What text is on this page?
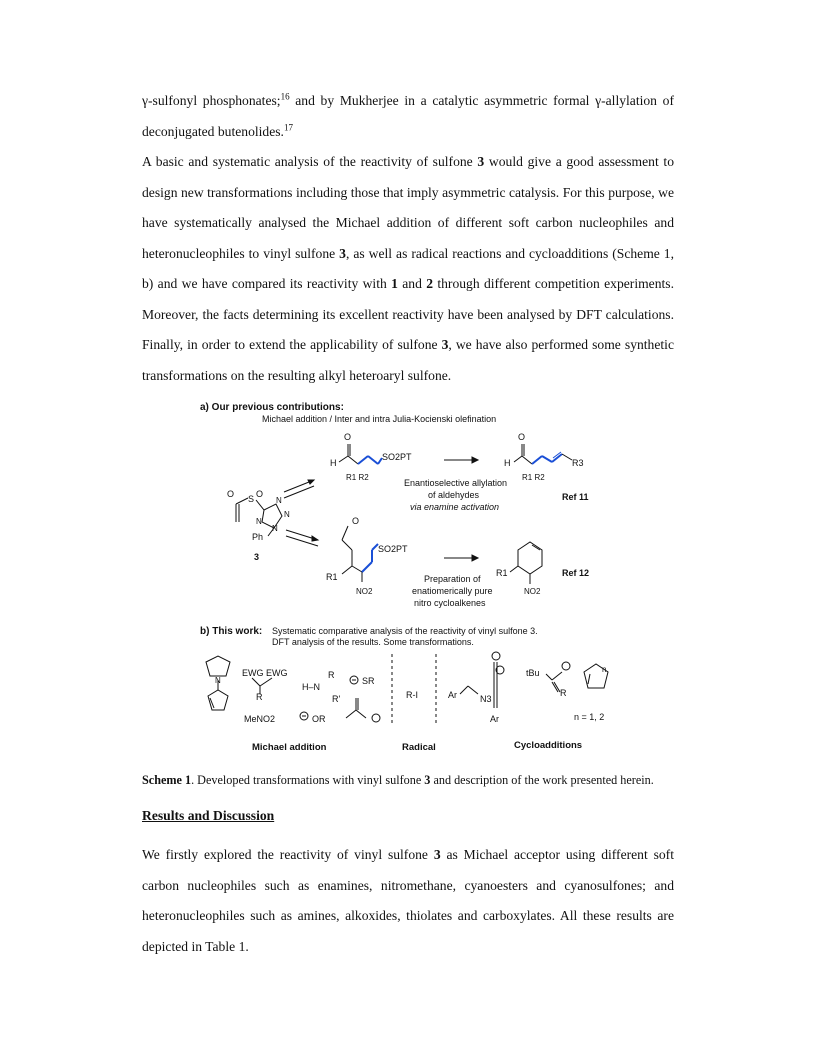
γ-sulfonyl phosphonates;$^{16}$ and by Mukherjee in a catalytic asymmetric formal γ-allylation of deconjugated butenolides.$^{17}$

A basic and systematic analysis of the reactivity of sulfone 3 would give a good assessment to design new transformations including those that imply asymmetric catalysis. For this purpose, we have systematically analysed the Michael addition of different soft carbon nucleophiles and heteronucleophiles to vinyl sulfone 3, as well as radical reactions and cycloadditions (Scheme 1, b) and we have compared its reactivity with 1 and 2 through different competition experiments. Moreover, the facts determining its excellent reactivity have been analysed by DFT calculations. Finally, in order to extend the applicability of sulfone 3, we have also performed some synthetic transformations on the resulting alkyl heteroaryl sulfone.

a) Our previous contributions:
Michael addition / Inter and intra Julia-Kocienski olefination
O S O
N
N
N
N
Ph
3
O
H
SO2PT
R1 R2
O
H	R3
R1 R2
Enantioselective allylation
of aldehydes
via enamine activation
Ref 11
O
SO2PT
R1
NO2
Preparation of
enatiomerically pure
nitro cycloalkenes
R1
NO2
Ref 12
b) This work: Systematic comparative analysis of the reactivity of vinyl sulfone 3.
DFT analysis of the results. Some transformations.
N
EWG EWG
R
MeNO2
H–N
R
R'
SR
OR
R-I	Ar	N3
Ar
tBu
R
n = 1, 2
n
Michael addition	Radical	Cycloadditions
Scheme 1. Developed transformations with vinyl sulfone 3 and description of the work presented herein.
Results and Discussion

We firstly explored the reactivity of vinyl sulfone 3 as Michael acceptor using different soft carbon nucleophiles such as enamines, nitromethane, cyanoesters and cyanosulfones; and heteronucleophiles such as amines, alkoxides, thiolates and carboxylates. All these results are depicted in Table 1.
